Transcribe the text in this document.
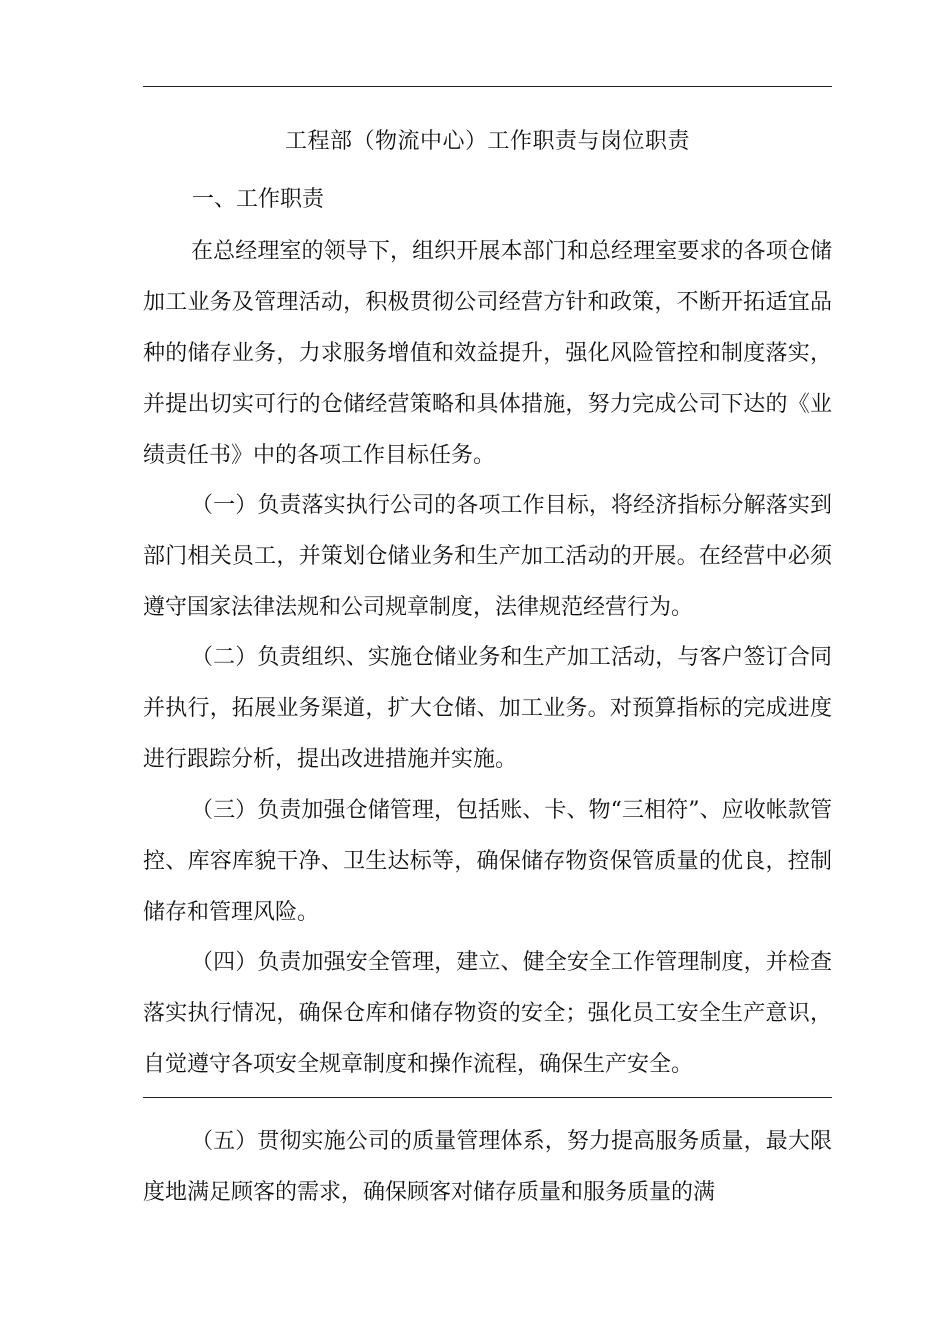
工程部（物流中心）工作职责与岗位职责
一、工作职责

在总经理室的领导下，组织开展本部门和总经理室要求的各项仓储加工业务及管理活动，积极贯彻公司经营方针和政策，不断开拓适宜品种的储存业务，力求服务增值和效益提升，强化风险管控和制度落实，并提出切实可行的仓储经营策略和具体措施，努力完成公司下达的《业绩责任书》中的各项工作目标任务。

（一）负责落实执行公司的各项工作目标，将经济指标分解落实到部门相关员工，并策划仓储业务和生产加工活动的开展。在经营中必须遵守国家法律法规和公司规章制度，法律规范经营行为。

（二）负责组织、实施仓储业务和生产加工活动，与客户签订合同并执行，拓展业务渠道，扩大仓储、加工业务。对预算指标的完成进度进行跟踪分析，提出改进措施并实施。

（三）负责加强仓储管理，包括账、卡、物“三相符”、应收帐款管控、库容库貌干净、卫生达标等，确保储存物资保管质量的优良，控制储存和管理风险。

（四）负责加强安全管理，建立、健全安全工作管理制度，并检查落实执行情况，确保仓库和储存物资的安全；强化员工安全生产意识，自觉遵守各项安全规章制度和操作流程，确保生产安全。

（五）贯彻实施公司的质量管理体系，努力提高服务质量，最大限度地满足顾客的需求，确保顾客对储存质量和服务质量的满
